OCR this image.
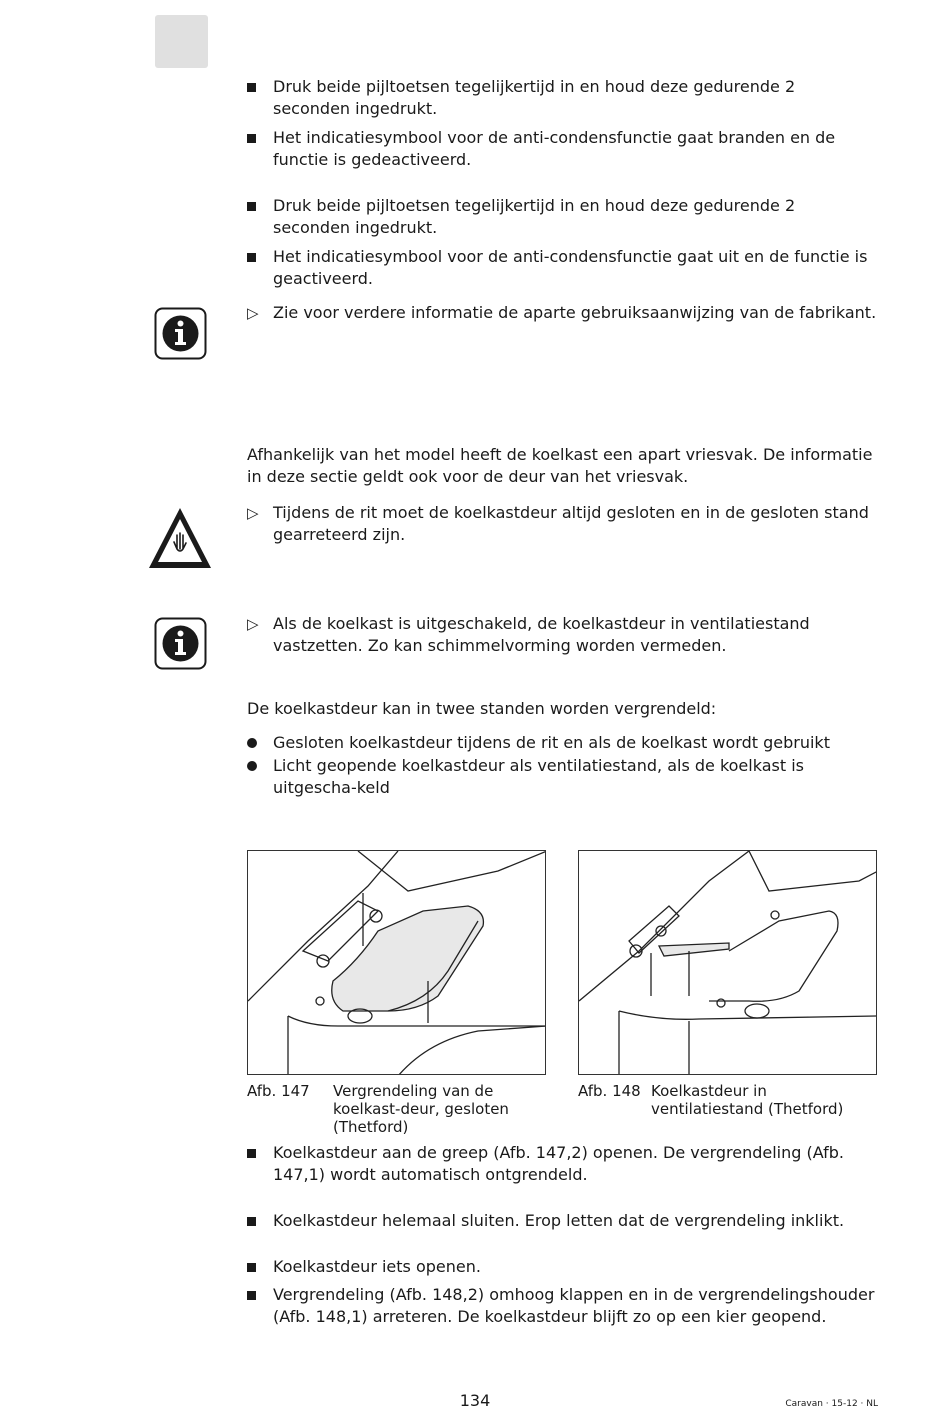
Druk beide pijltoetsen tegelijkertijd in en houd deze gedurende 2 seconden ingedrukt.
Het indicatiesymbool voor de anti-condensfunctie gaat branden en de functie is gedeactiveerd.
Druk beide pijltoetsen tegelijkertijd in en houd deze gedurende 2 seconden ingedrukt.
Het indicatiesymbool voor de anti-condensfunctie gaat uit en de functie is geactiveerd.
▷ Zie voor verdere informatie de aparte gebruiksaanwijzing van de fabrikant.
Afhankelijk van het model heeft de koelkast een apart vriesvak. De informatie in deze sectie geldt ook voor de deur van het vriesvak.
▷ Tijdens de rit moet de koelkastdeur altijd gesloten en in de gesloten stand gearreteerd zijn.
▷ Als de koelkast is uitgeschakeld, de koelkastdeur in ventilatiestand vastzetten. Zo kan schimmelvorming worden vermeden.
De koelkastdeur kan in twee standen worden vergrendeld:
Gesloten koelkastdeur tijdens de rit en als de koelkast wordt gebruikt
Licht geopende koelkastdeur als ventilatiestand, als de koelkast is uitgescha-keld
Afb. 147 Vergrendeling van de koelkast-deur, gesloten (Thetford)
Afb. 148 Koelkastdeur in ventilatiestand (Thetford)
Koelkastdeur aan de greep (Afb. 147,2) openen. De vergrendeling (Afb. 147,1) wordt automatisch ontgrendeld.
Koelkastdeur helemaal sluiten. Erop letten dat de vergrendeling inklikt.
Koelkastdeur iets openen.
Vergrendeling (Afb. 148,2) omhoog klappen en in de vergrendelingshouder (Afb. 148,1) arreteren. De koelkastdeur blijft zo op een kier geopend.
134	Caravan · 15-12 · NL
